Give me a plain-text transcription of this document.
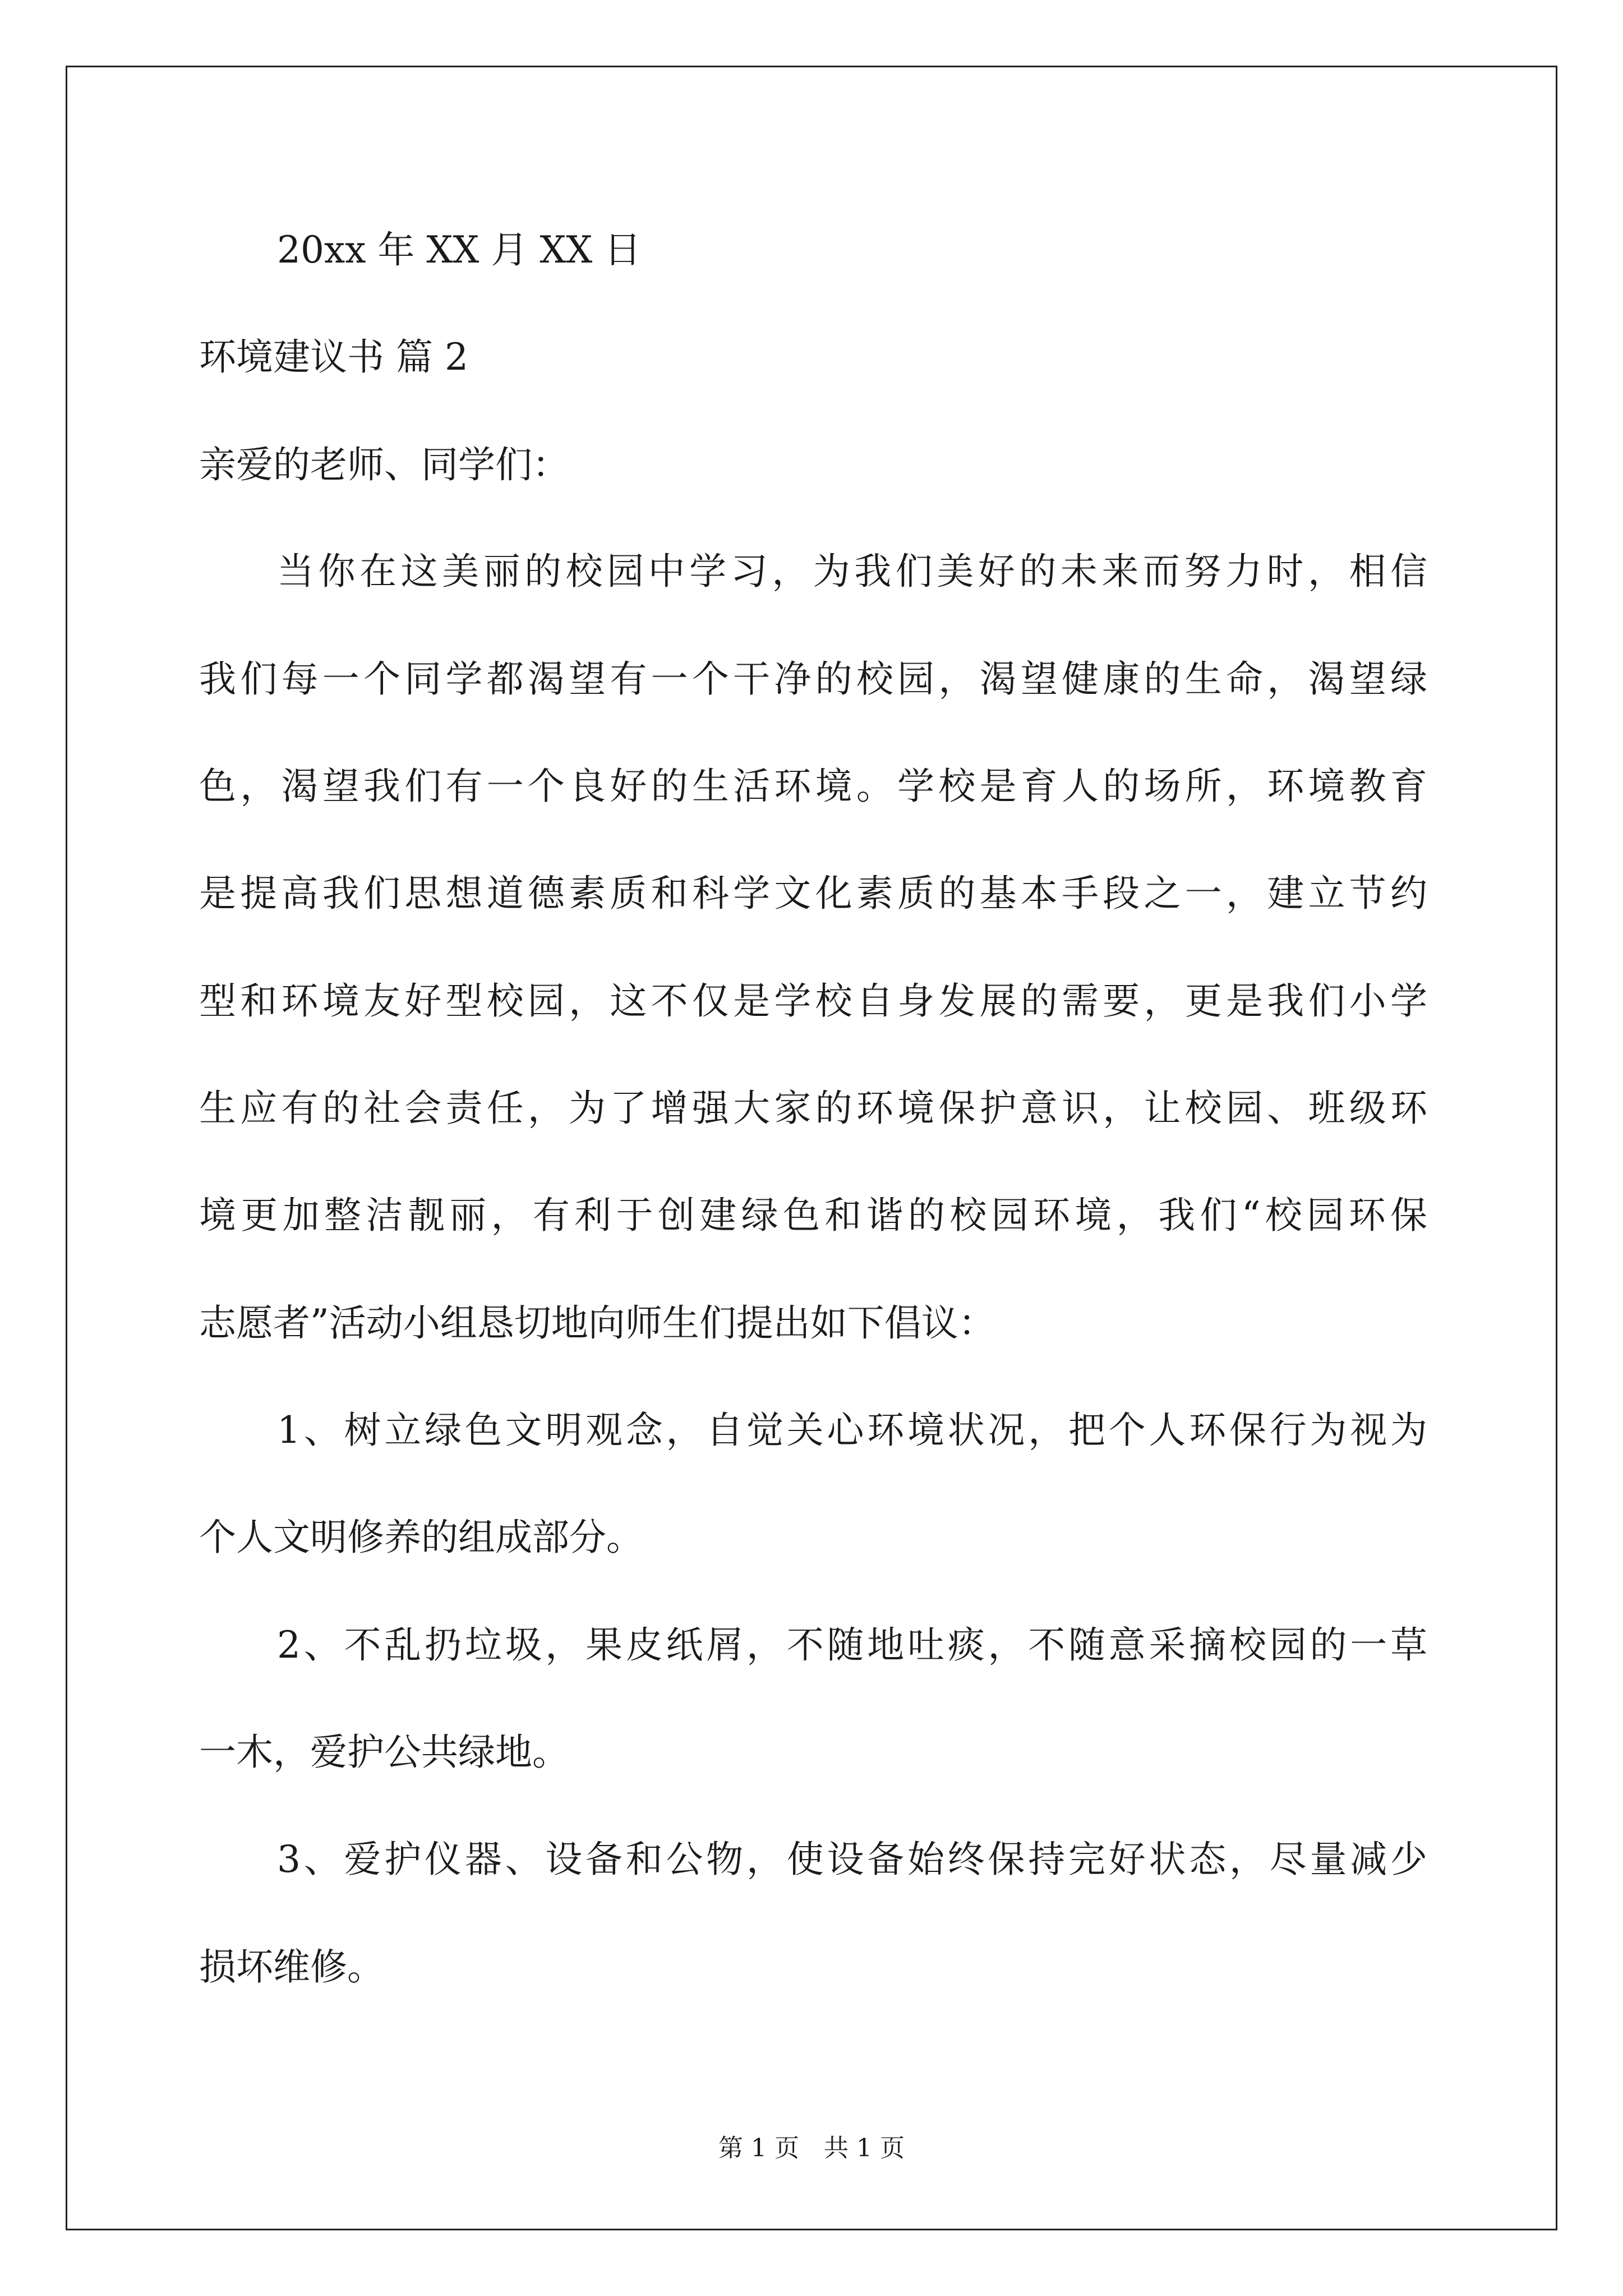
20xx 年 XX 月 XX 日
环境建议书 篇 2
亲爱的老师、同学们：
当你在这美丽的校园中学习，为我们美好的未来而努力时，相信
我们每一个同学都渴望有一个干净的校园，渴望健康的生命，渴望绿
色，渴望我们有一个良好的生活环境。学校是育人的场所，环境教育
是提高我们思想道德素质和科学文化素质的基本手段之一，建立节约
型和环境友好型校园，这不仅是学校自身发展的需要，更是我们小学
生应有的社会责任，为了增强大家的环境保护意识，让校园、班级环
境更加整洁靓丽，有利于创建绿色和谐的校园环境，我们“校园环保
志愿者”活动小组恳切地向师生们提出如下倡议：
1、树立绿色文明观念，自觉关心环境状况，把个人环保行为视为
个人文明修养的组成部分。
2、不乱扔垃圾，果皮纸屑，不随地吐痰，不随意采摘校园的一草
一木，爱护公共绿地。
3、爱护仪器、设备和公物，使设备始终保持完好状态，尽量减少
损坏维修。
第 1 页　共 1 页
